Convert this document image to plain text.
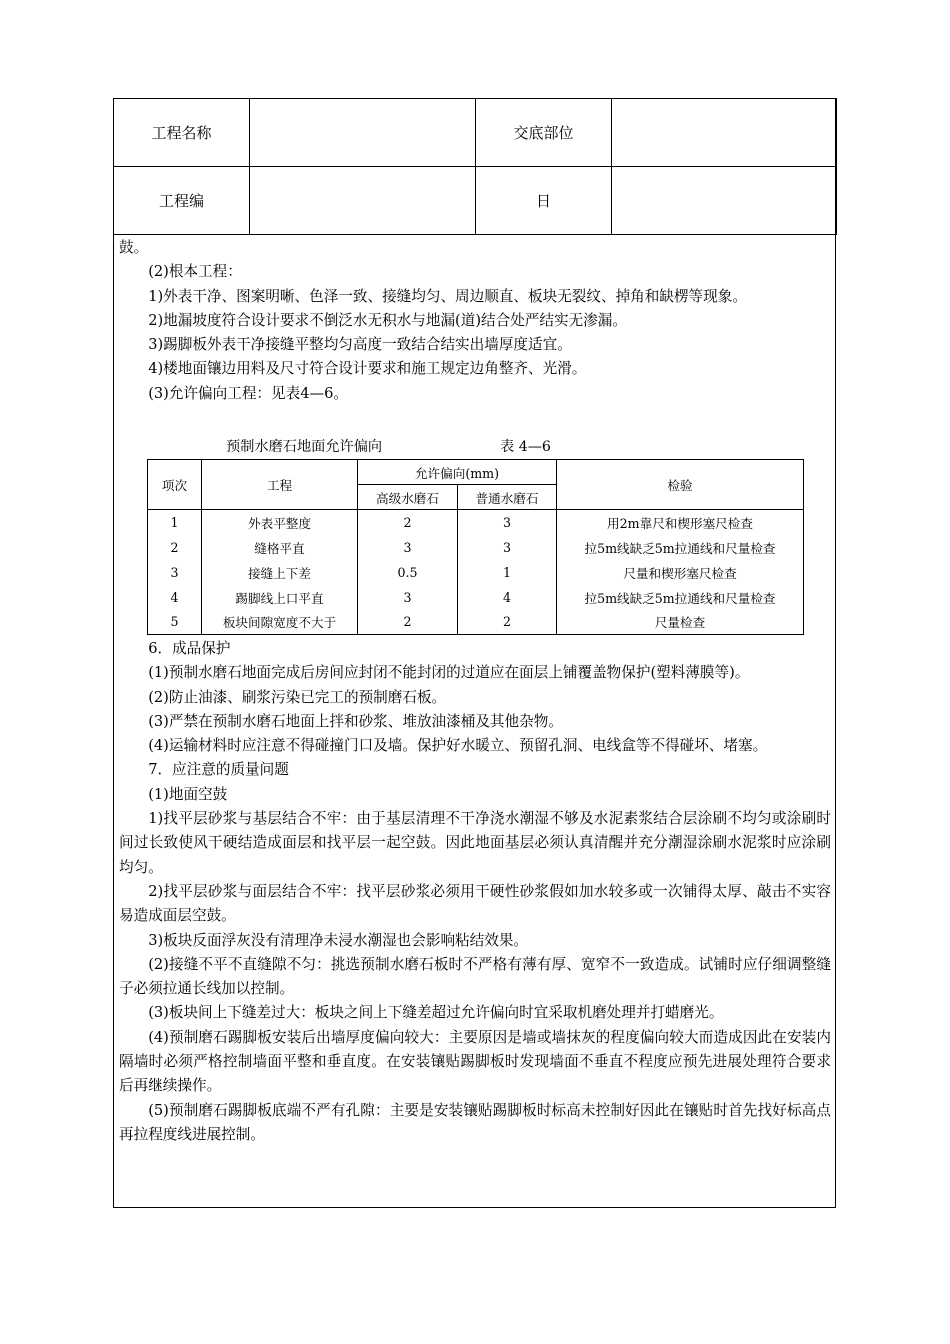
工程名称		交底部位	
工程编		日	

鼓。

(2)根本工程：

1)外表干净、图案明晰、色泽一致、接缝均匀、周边顺直、板块无裂纹、掉角和缺楞等现象。

2)地漏坡度符合设计要求不倒泛水无积水与地漏(道)结合处严结实无渗漏。

3)踢脚板外表干净接缝平整均匀高度一致结合结实出墙厚度适宜。

4)楼地面镶边用料及尺寸符合设计要求和施工规定边角整齐、光滑。

(3)允许偏向工程：见表4—6。

预制水磨石地面允许偏向	表 4—6
项次	工程	允许偏向(mm)		检验
		高级水磨石	普通水磨石	
1	外表平整度	2	3	用2m靠尺和楔形塞尺检查
2	缝格平直	3	3	拉5m线缺乏5m拉通线和尺量检查
3	接缝上下差	0.5	1	尺量和楔形塞尺检查
4	踢脚线上口平直	3	4	拉5m线缺乏5m拉通线和尺量检查
5	板块间隙宽度不大于	2	2	尺量检查

6．成品保护

(1)预制水磨石地面完成后房间应封闭不能封闭的过道应在面层上铺覆盖物保护(塑料薄膜等)。

(2)防止油漆、刷浆污染已完工的预制磨石板。

(3)严禁在预制水磨石地面上拌和砂浆、堆放油漆桶及其他杂物。

(4)运输材料时应注意不得碰撞门口及墙。保护好水暖立、预留孔洞、电线盒等不得碰坏、堵塞。

7．应注意的质量问题

(1)地面空鼓

1)找平层砂浆与基层结合不牢：由于基层清理不干净浇水潮湿不够及水泥素浆结合层涂刷不均匀或涂刷时间过长致使风干硬结造成面层和找平层一起空鼓。因此地面基层必须认真清醒并充分潮湿涂刷水泥浆时应涂刷均匀。

2)找平层砂浆与面层结合不牢：找平层砂浆必须用干硬性砂浆假如加水较多或一次铺得太厚、敲击不实容易造成面层空鼓。

3)板块反面浮灰没有清理净未浸水潮湿也会影响粘结效果。

(2)接缝不平不直缝隙不匀：挑选预制水磨石板时不严格有薄有厚、宽窄不一致造成。试铺时应仔细调整缝子必须拉通长线加以控制。

(3)板块间上下缝差过大：板块之间上下缝差超过允许偏向时宜采取机磨处理并打蜡磨光。

(4)预制磨石踢脚板安装后出墙厚度偏向较大：主要原因是墙或墙抹灰的程度偏向较大而造成因此在安装内隔墙时必须严格控制墙面平整和垂直度。在安装镶贴踢脚板时发现墙面不垂直不程度应预先进展处理符合要求后再继续操作。

(5)预制磨石踢脚板底端不严有孔隙：主要是安装镶贴踢脚板时标高未控制好因此在镶贴时首先找好标高点再拉程度线进展控制。
